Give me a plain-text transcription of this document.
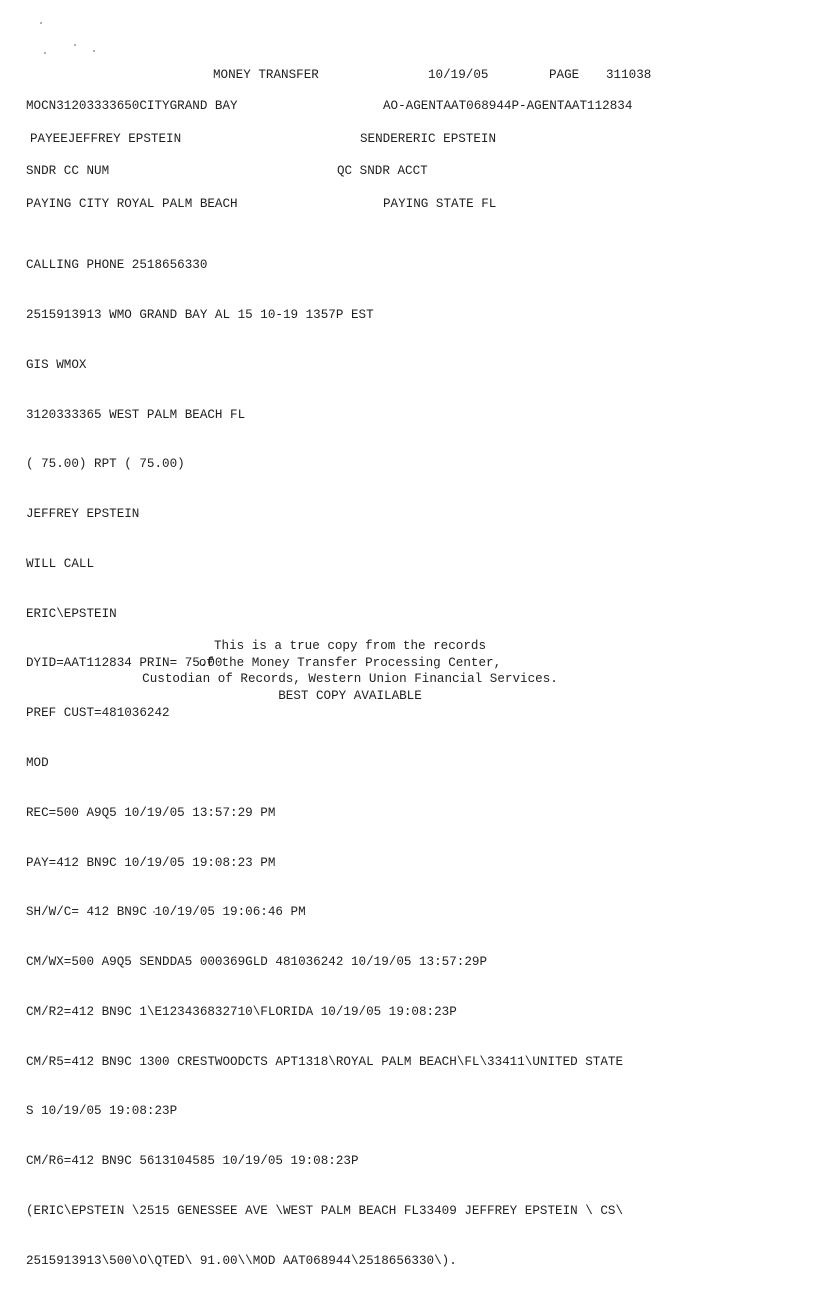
MONEY TRANSFER	10/19/05	PAGE 311038
MOCN31203333650CITYGRAND BAY	AO-AGENTAAT068944P-AGENTAAT112834
PAYEEJEFFREY EPSTEIN	SENDERERIC EPSTEIN
SNDR CC NUM	QC SNDR ACCT
PAYING CITY ROYAL PALM BEACH	PAYING STATE FL

CALLING PHONE 2518656330

2515913913 WMO GRAND BAY AL 15 10-19 1357P EST

GIS WMOX

3120333365 WEST PALM BEACH FL

( 75.00) RPT ( 75.00)

JEFFREY EPSTEIN

WILL CALL

ERIC\EPSTEIN

DYID=AAT112834 PRIN= 75.00

PREF CUST=481036242

MOD

REC=500 A9Q5 10/19/05 13:57:29 PM

PAY=412 BN9C 10/19/05 19:08:23 PM

SH/W/C= 412 BN9C 10/19/05 19:06:46 PM

CM/WX=500 A9Q5 SENDDA5 000369GLD 481036242 10/19/05 13:57:29P

CM/R2=412 BN9C 1\E123436832710\FLORIDA 10/19/05 19:08:23P

CM/R5=412 BN9C 1300 CRESTWOODCTS APT1318\ROYAL PALM BEACH\FL\33411\UNITED STATE

S 10/19/05 19:08:23P

CM/R6=412 BN9C 5613104585 10/19/05 19:08:23P

(ERIC\EPSTEIN \2515 GENESSEE AVE \WEST PALM BEACH FL33409 JEFFREY EPSTEIN \ CS\

2515913913\500\O\QTED\ 91.00\\MOD AAT068944\2518656330\).

This is a true copy from the records
of the Money Transfer Processing Center,
Custodian of Records, Western Union Financial Services.
BEST COPY AVAILABLE
